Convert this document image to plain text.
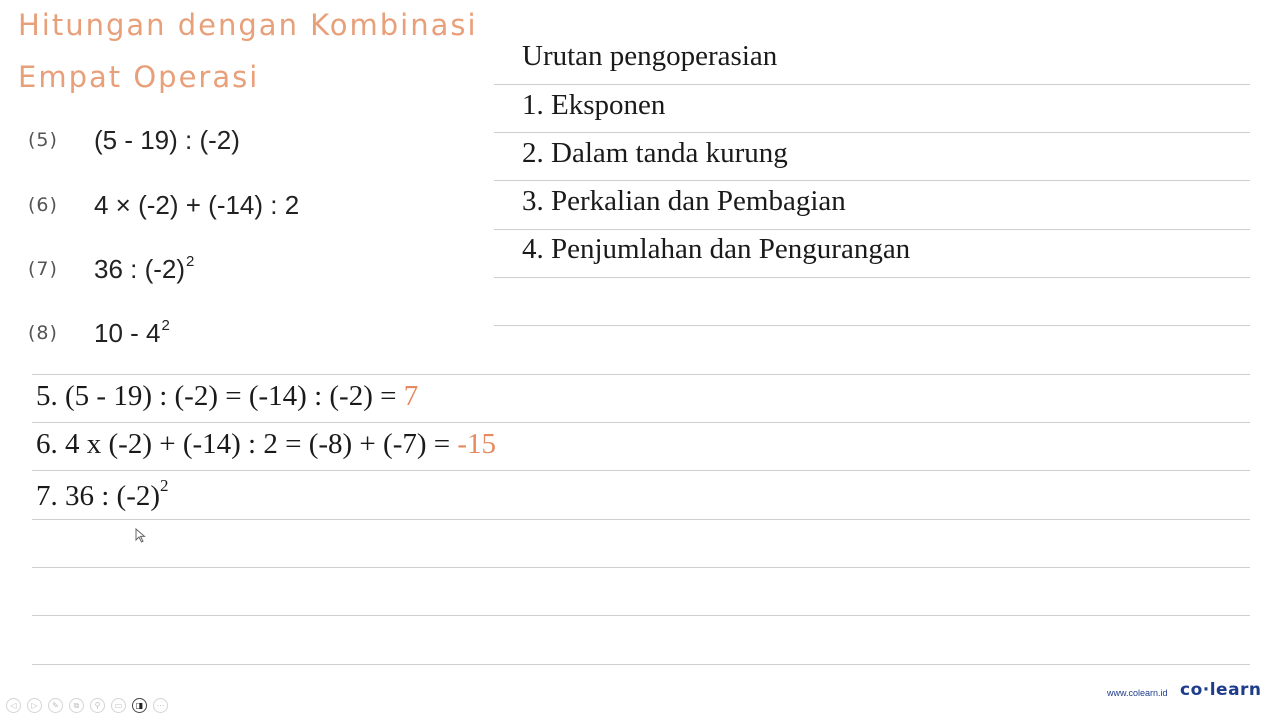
Hitungan dengan Kombinasi
Empat Operasi
(5)	(5 - 19) : (-2)
(6)	4 × (-2) + (-14) : 2
(7)	36 : $(-2)^2$
(8)	$10 - 4^2$
Urutan pengoperasian
1. Eksponen
2. Dalam tanda kurung
3. Perkalian dan Pembagian
4. Penjumlahan dan Pengurangan
5. (5 - 19) : (-2) = (-14) : (-2) = 7
6. 4 x (-2) + (-14) : 2 = (-8) + (-7) = -15
7. 36 : $(-2)^2$
◁	▷	✎	⧉	⚲	▭	◨	⋯
www.colearn.id co·learn
